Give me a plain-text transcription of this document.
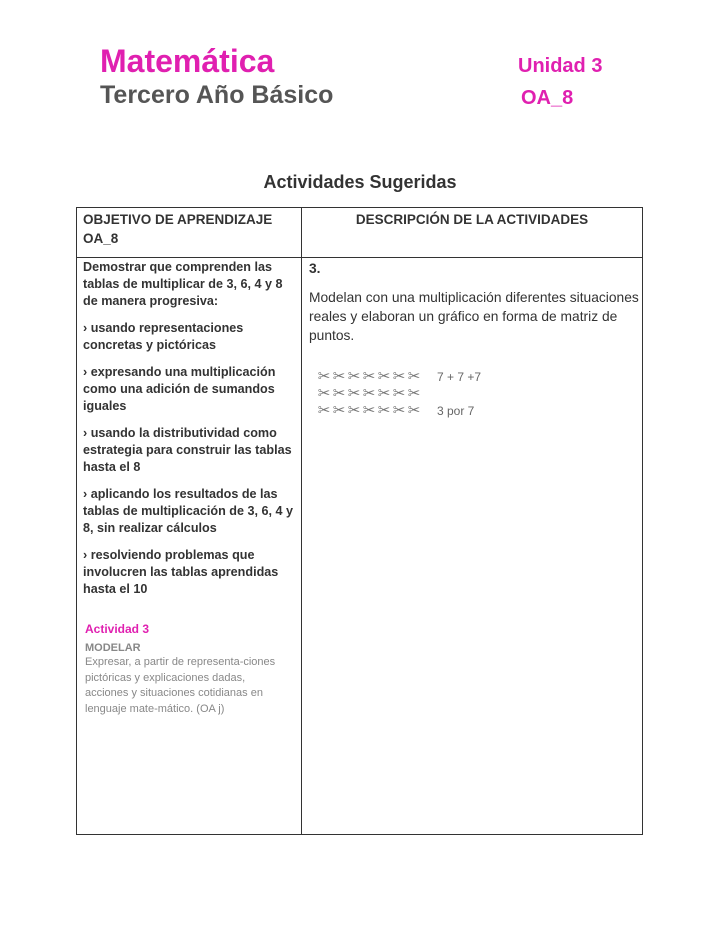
Matemática
Tercero Año Básico
Unidad 3
OA_8
Actividades Sugeridas
OBJETIVO DE APRENDIZAJE OA_8
DESCRIPCIÓN DE LA ACTIVIDADES

Demostrar que comprenden las tablas de multiplicar de 3, 6, 4 y 8 de manera progresiva:

› usando representaciones concretas y pictóricas

› expresando una multiplicación como una adición de sumandos iguales

› usando la distributividad como estrategia para construir las tablas hasta el 8

› aplicando los resultados de las tablas de multiplicación de 3, 6, 4 y 8, sin realizar cálculos

› resolviendo problemas que involucren las tablas aprendidas hasta el 10

Actividad 3

MODELAR

Expresar, a partir de representa-ciones pictóricas y explicaciones dadas, acciones y situaciones cotidianas en lenguaje mate-mático. (OA j)

3.

Modelan con una multiplicación diferentes situaciones reales y elaboran un gráfico en forma de matriz de puntos.

✂ ✂ ✂ ✂ ✂ ✂ ✂ 7 + 7 +7
✂ ✂ ✂ ✂ ✂ ✂ ✂
✂ ✂ ✂ ✂ ✂ ✂ ✂ 3 por 7
